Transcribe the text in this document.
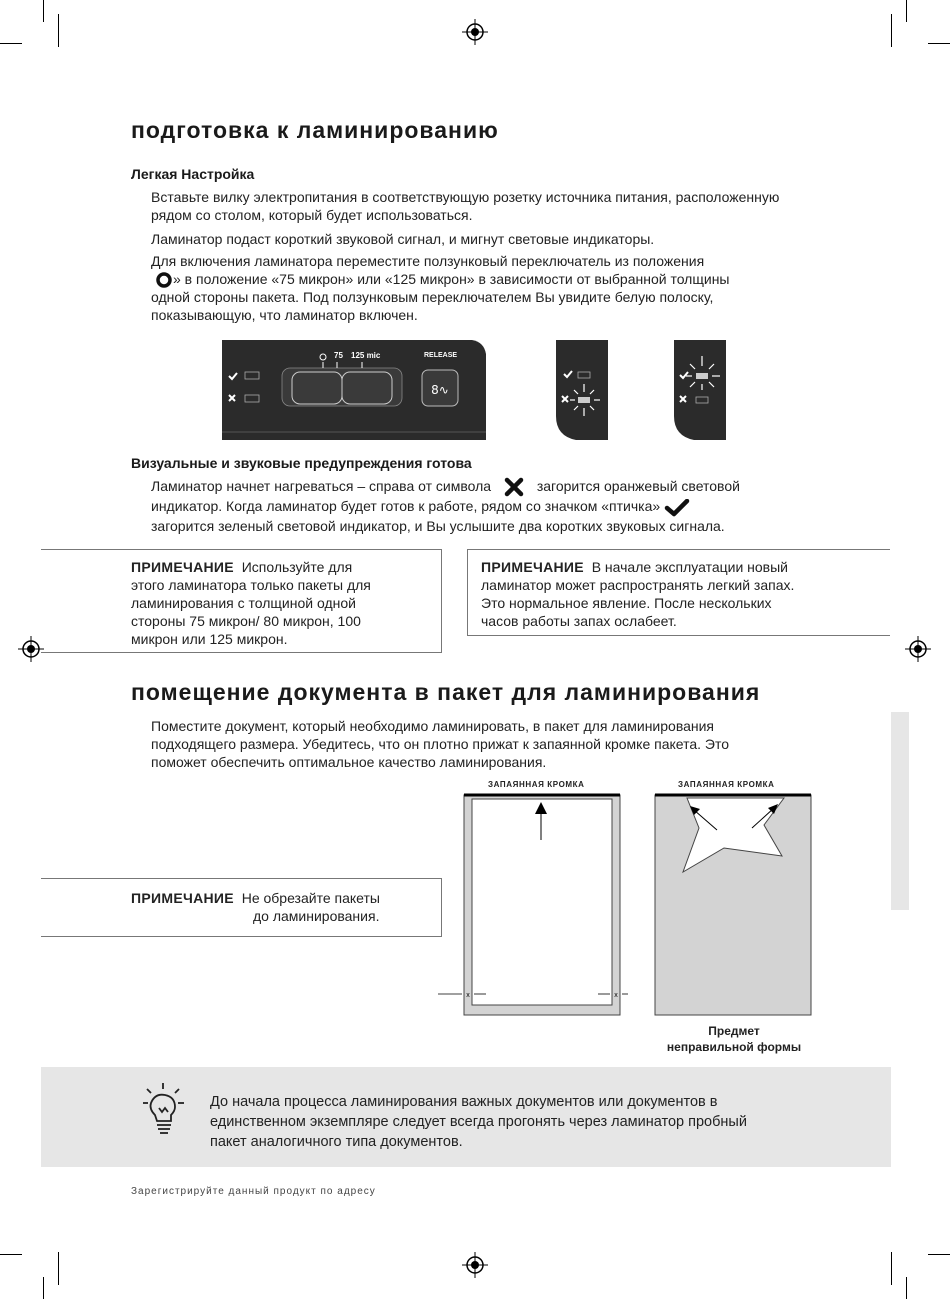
подготовка к ламинированию
Легкая Настройка
Вставьте вилку электропитания в соответствующую розетку источника питания, расположенную рядом со столом, который будет использоваться.
Ламинатор подаст короткий звуковой сигнал, и мигнут световые индикаторы.
Для включения ламинатора переместите ползунковый переключатель из положения
» в положение «75 микрон» или «125 микрон» в зависимости от выбранной толщины
одной стороны пакета. Под ползунковым переключателем Вы увидите белую полоску,
показывающую, что ламинатор включен.
8∿
75 125 mic	RELEASE
Визуальные и звуковые предупреждения готова
Ламинатор начнет нагреваться – справа от символа	загорится оранжевый световой
индикатор. Когда ламинатор будет готов к работе, рядом со значком «птичка»
загорится зеленый световой индикатор, и Вы услышите два коротких звуковых сигнала.
ПРИМЕЧАНИЕ Используйте для
этого ламинатора только пакеты для
ламинирования с толщиной одной
стороны 75 микрон/ 80 микрон, 100
микрон или 125 микрон.
ПРИМЕЧАНИЕ В начале эксплуатации новый
ламинатор может распространять легкий запах.
Это нормальное явление. После нескольких
часов работы запах ослабеет.
помещение документа в пакет для ламинирования
Поместите документ, который необходимо ламинировать, в пакет для ламинирования
подходящего размера. Убедитесь, что он плотно прижат к запаянной кромке пакета. Это
поможет обеспечить оптимальное качество ламинирования.
ЗАПАЯННАЯ КРОМКА
x	x
ЗАПАЯННАЯ КРОМКА
Предмет
неправильной формы
ПРИМЕЧАНИЕ Не обрезайте пакеты
до ламинирования.
До начала процесса ламинирования важных документов или документов в
единственном экземпляре следует всегда прогонять через ламинатор пробный
пакет аналогичного типа документов.
Зарегистрируйте данный продукт по адресу
